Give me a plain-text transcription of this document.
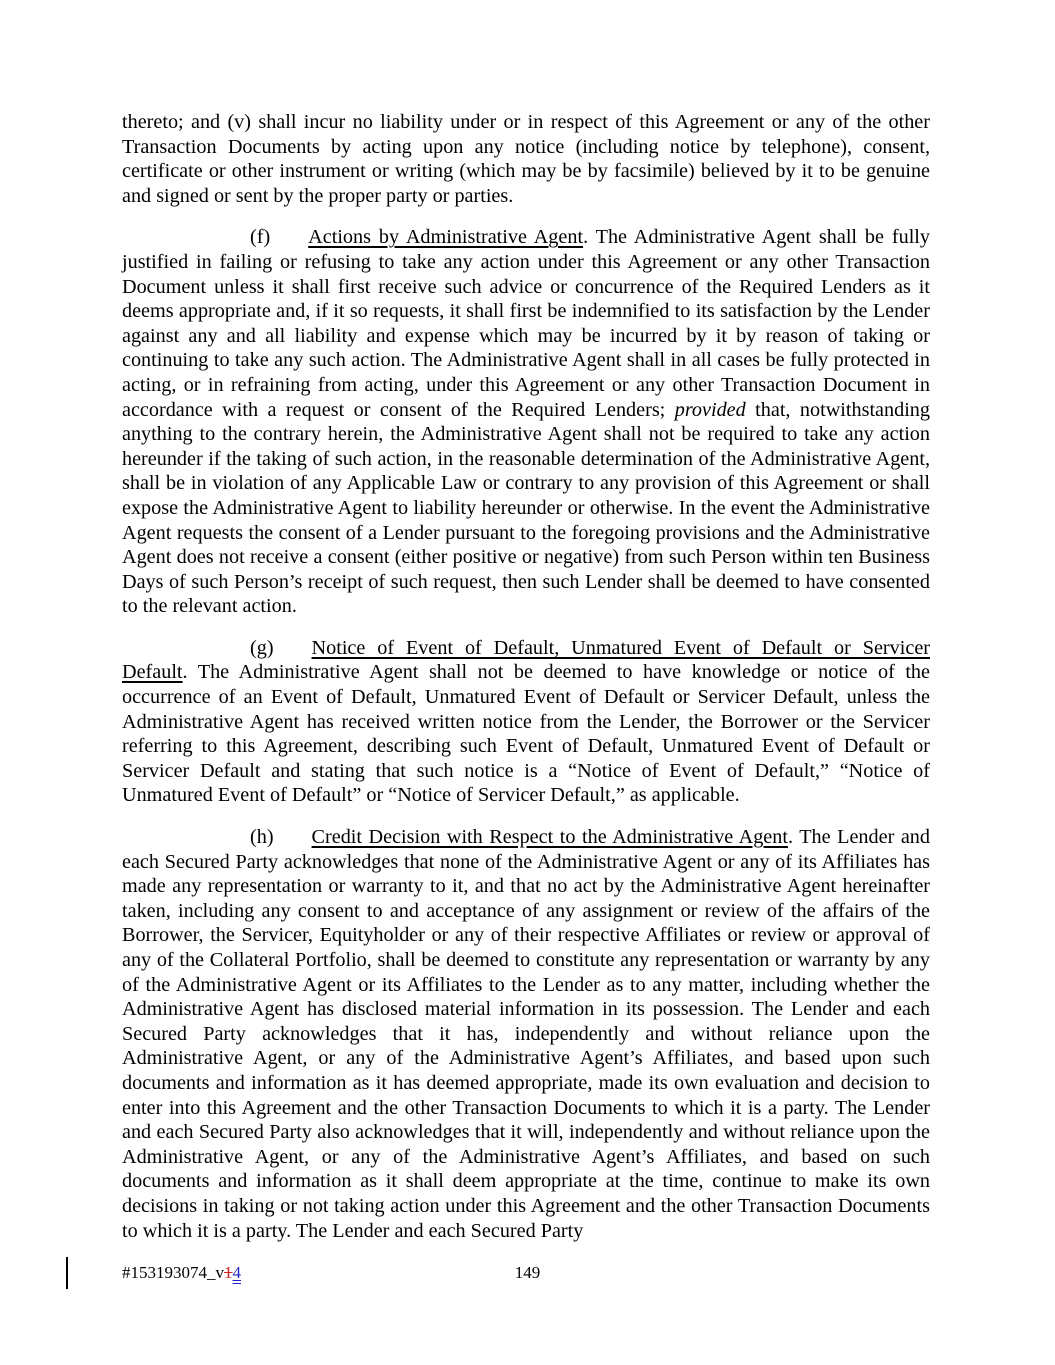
thereto; and (v) shall incur no liability under or in respect of this Agreement or any of the other Transaction Documents by acting upon any notice (including notice by telephone), consent, certificate or other instrument or writing (which may be by facsimile) believed by it to be genuine and signed or sent by the proper party or parties.

(f) Actions by Administrative Agent. The Administrative Agent shall be fully justified in failing or refusing to take any action under this Agreement or any other Transaction Document unless it shall first receive such advice or concurrence of the Required Lenders as it deems appropriate and, if it so requests, it shall first be indemnified to its satisfaction by the Lender against any and all liability and expense which may be incurred by it by reason of taking or continuing to take any such action. The Administrative Agent shall in all cases be fully protected in acting, or in refraining from acting, under this Agreement or any other Transaction Document in accordance with a request or consent of the Required Lenders; provided that, notwithstanding anything to the contrary herein, the Administrative Agent shall not be required to take any action hereunder if the taking of such action, in the reasonable determination of the Administrative Agent, shall be in violation of any Applicable Law or contrary to any provision of this Agreement or shall expose the Administrative Agent to liability hereunder or otherwise. In the event the Administrative Agent requests the consent of a Lender pursuant to the foregoing provisions and the Administrative Agent does not receive a consent (either positive or negative) from such Person within ten Business Days of such Person’s receipt of such request, then such Lender shall be deemed to have consented to the relevant action.

(g) Notice of Event of Default, Unmatured Event of Default or Servicer Default. The Administrative Agent shall not be deemed to have knowledge or notice of the occurrence of an Event of Default, Unmatured Event of Default or Servicer Default, unless the Administrative Agent has received written notice from the Lender, the Borrower or the Servicer referring to this Agreement, describing such Event of Default, Unmatured Event of Default or Servicer Default and stating that such notice is a “Notice of Event of Default,” “Notice of Unmatured Event of Default” or “Notice of Servicer Default,” as applicable.

(h) Credit Decision with Respect to the Administrative Agent. The Lender and each Secured Party acknowledges that none of the Administrative Agent or any of its Affiliates has made any representation or warranty to it, and that no act by the Administrative Agent hereinafter taken, including any consent to and acceptance of any assignment or review of the affairs of the Borrower, the Servicer, Equityholder or any of their respective Affiliates or review or approval of any of the Collateral Portfolio, shall be deemed to constitute any representation or warranty by any of the Administrative Agent or its Affiliates to the Lender as to any matter, including whether the Administrative Agent has disclosed material information in its possession. The Lender and each Secured Party acknowledges that it has, independently and without reliance upon the Administrative Agent, or any of the Administrative Agent’s Affiliates, and based upon such documents and information as it has deemed appropriate, made its own evaluation and decision to enter into this Agreement and the other Transaction Documents to which it is a party. The Lender and each Secured Party also acknowledges that it will, independently and without reliance upon the Administrative Agent, or any of the Administrative Agent’s Affiliates, and based on such documents and information as it shall deem appropriate at the time, continue to make its own decisions in taking or not taking action under this Agreement and the other Transaction Documents to which it is a party. The Lender and each Secured Party

#153193074_v14	149
